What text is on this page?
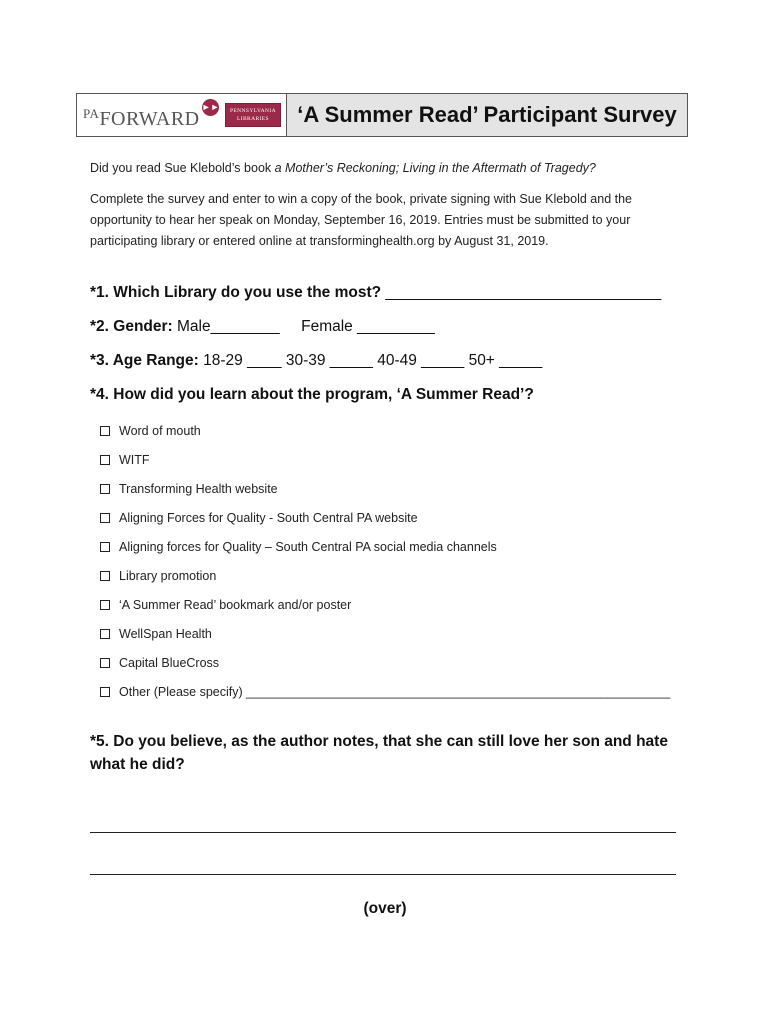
PA FORWARD
►►	PENNSYLVANIA
LIBRARIES	‘A Summer Read’ Participant Survey

Did you read Sue Klebold’s book a Mother’s Reckoning; Living in the Aftermath of Tragedy?

Complete the survey and enter to win a copy of the book, private signing with Sue Klebold and the opportunity to hear her speak on Monday, September 16, 2019. Entries must be submitted to your participating library or entered online at transforminghealth.org by August 31, 2019.

*1. Which Library do you use the most? ________________________________
*2. Gender: Male________     Female _________
*3. Age Range: 18-29 ____ 30-39 _____ 40-49 _____ 50+ _____
*4. How did you learn about the program, ‘A Summer Read’?
Word of mouth
WITF
Transforming Health website
Aligning Forces for Quality - South Central PA website
Aligning forces for Quality – South Central PA social media channels
Library promotion
‘A Summer Read’ bookmark and/or poster
WellSpan Health
Capital BlueCross
Other (Please specify) _____________________________________________________________
*5. Do you believe, as the author notes, that she can still love her son and hate what he did?
(over)
